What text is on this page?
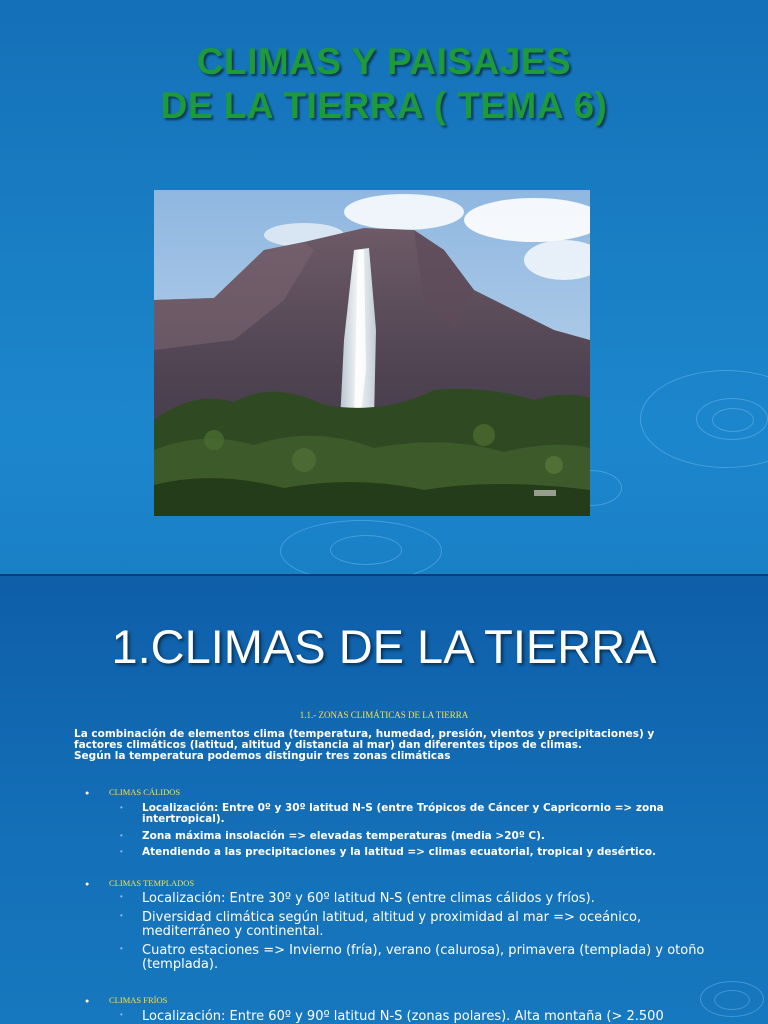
CLIMAS Y PAISAJES
DE LA TIERRA ( TEMA 6)
1.CLIMAS DE LA TIERRA
1.1.- ZONAS CLIMÁTICAS DE LA TIERRA

La combinación de elementos clima (temperatura, humedad, presión, vientos y precipitaciones) y factores climáticos (latitud, altitud y distancia al mar) dan diferentes tipos de climas.

Según la temperatura podemos distinguir tres zonas climáticas

● CLIMAS CÁLIDOS
• Localización: Entre 0º y 30º latitud N-S (entre Trópicos de Cáncer y Capricornio => zona intertropical).
• Zona máxima insolación => elevadas temperaturas (media >20º C).
• Atendiendo a las precipitaciones y la latitud => climas ecuatorial, tropical y desértico.
● CLIMAS TEMPLADOS
• Localización: Entre 30º y 60º latitud N-S (entre climas cálidos y fríos).
• Diversidad climática según latitud, altitud y proximidad al mar => oceánico, mediterráneo y continental.
• Cuatro estaciones => Invierno (fría), verano (calurosa), primavera (templada) y otoño (templada).
● CLIMAS FRÍOS
• Localización: Entre 60º y 90º latitud N-S (zonas polares). Alta montaña (> 2.500
